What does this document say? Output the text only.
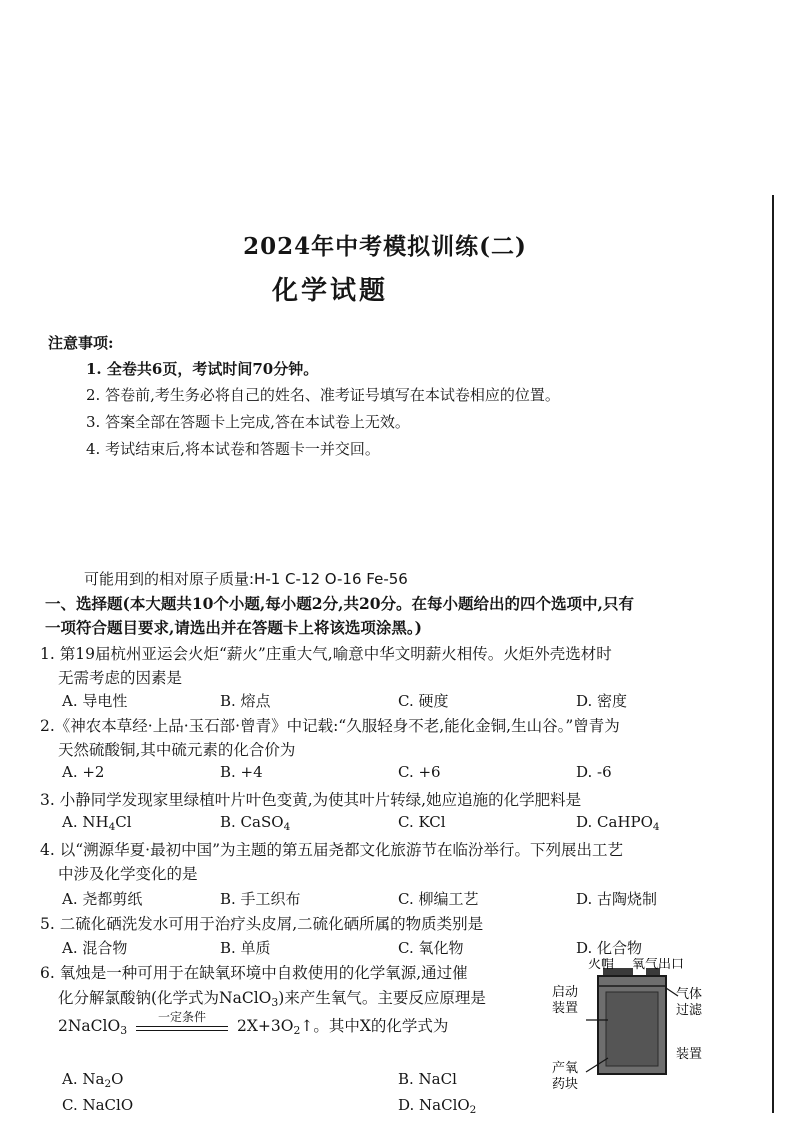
2024年中考模拟训练(二)
化学试题
注意事项:
1. 全卷共6页，考试时间70分钟。
2. 答卷前,考生务必将自己的姓名、准考证号填写在本试卷相应的位置。
3. 答案全部在答题卡上完成,答在本试卷上无效。
4. 考试结束后,将本试卷和答题卡一并交回。
可能用到的相对原子质量:H-1 C-12 O-16 Fe-56
一、选择题(本大题共10个小题,每小题2分,共20分。在每小题给出的四个选项中,只有
一项符合题目要求,请选出并在答题卡上将该选项涂黑。)
1. 第19届杭州亚运会火炬“薪火”庄重大气,喻意中华文明薪火相传。火炬外壳选材时
无需考虑的因素是
A. 导电性	B. 熔点	C. 硬度	D. 密度
2.《神农本草经·上品·玉石部·曾青》中记载:“久服轻身不老,能化金铜,生山谷。”曾青为
天然硫酸铜,其中硫元素的化合价为
A. +2	B. +4	C. +6	D. -6
3. 小静同学发现家里绿植叶片叶色变黄,为使其叶片转绿,她应追施的化学肥料是
A. $NH_4Cl$	B. CaSO$_4$	C. KCl	D. CaHPO$_4$
4. 以“溯源华夏·最初中国”为主题的第五届尧都文化旅游节在临汾举行。下列展出工艺
中涉及化学变化的是
A. 尧都剪纸	B. 手工织布	C. 柳编工艺	D. 古陶烧制
5. 二硫化硒洗发水可用于治疗头皮屑,二硫化硒所属的物质类别是
A. 混合物	B. 单质	C. 氧化物	D. 化合物
6. 氧烛是一种可用于在缺氧环境中自救使用的化学氧源,通过催
化分解氯酸钠(化学式为NaClO$_3$)来产生氧气。主要反应原理是
2NaClO$_3$
一定条件	$2X+3O_2↑$。其中X的化学式为
A. $Na_2O$	B. NaCl
C. NaClO	D. NaClO$_2$
火帽 氧气出口
启动
装置
气体
过滤
装置
产氧
药块
